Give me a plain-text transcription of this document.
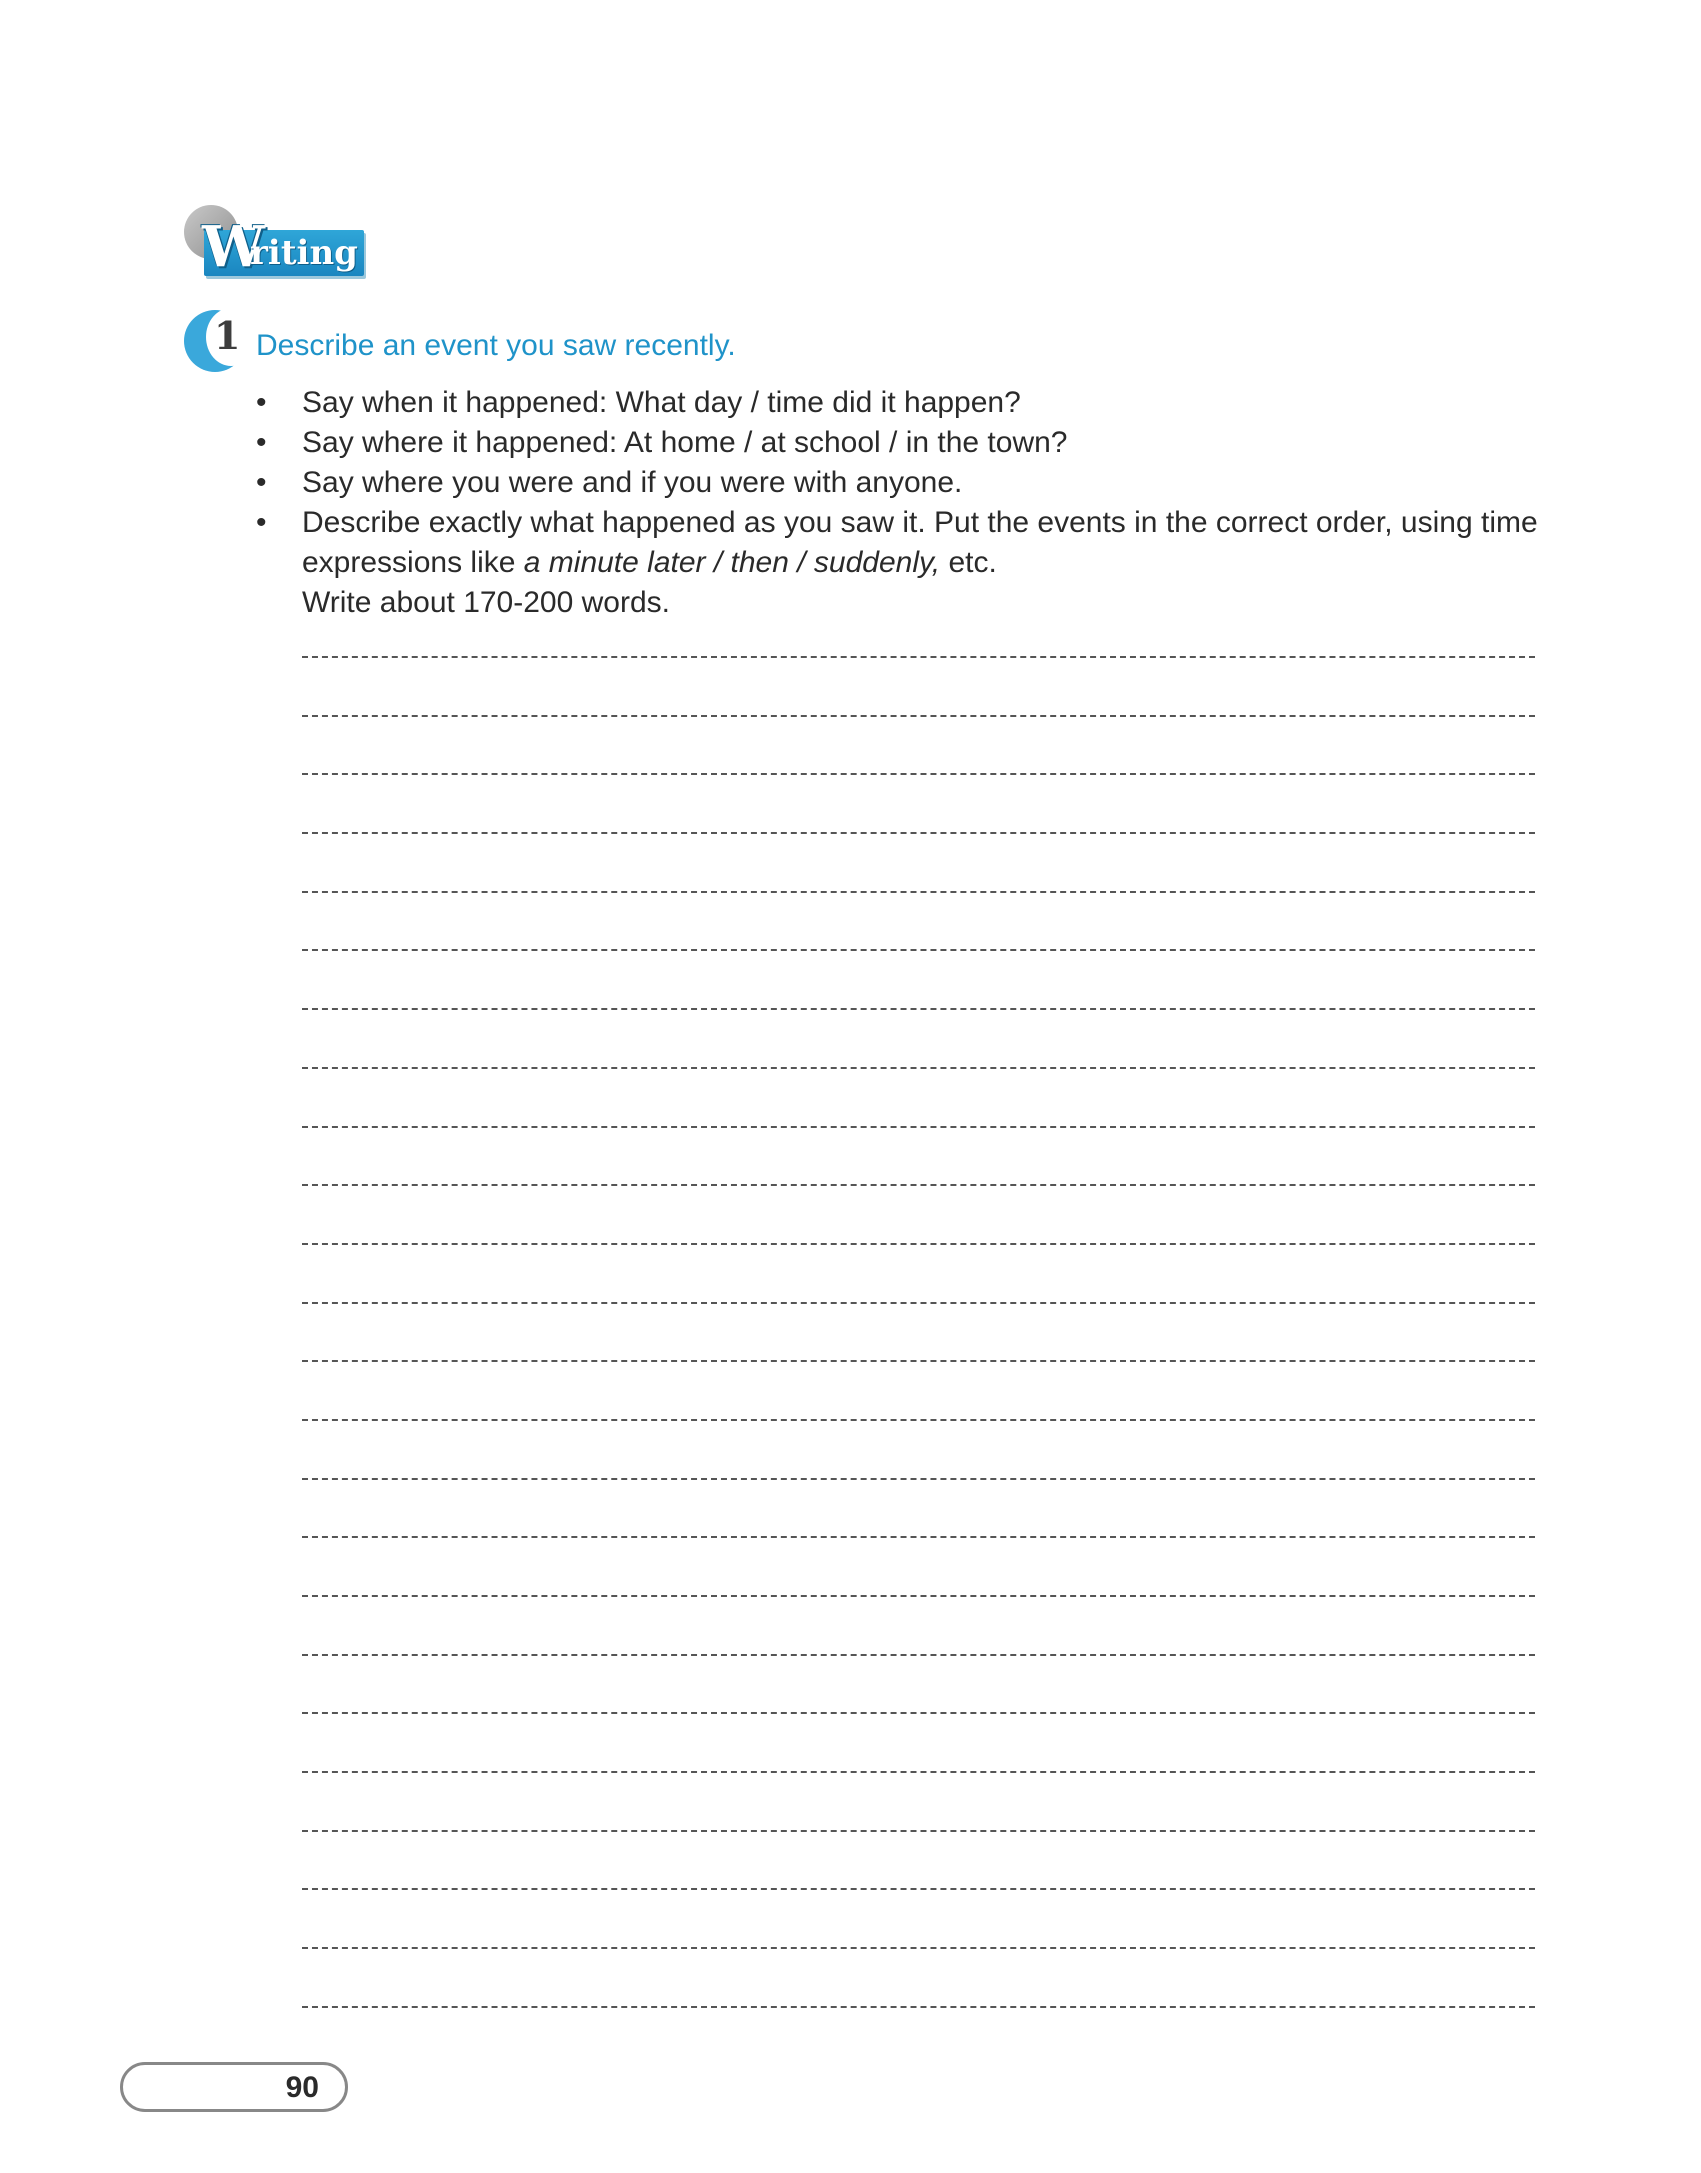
W
riting
1 Describe an event you saw recently.
• Say when it happened: What day / time did it happen?
• Say where it happened: At home / at school / in the town?
• Say where you were and if you were with anyone.
• Describe exactly what happened as you saw it. Put the events in the correct order, using time expressions like a minute later / then / suddenly, etc.
Write about 170-200 words.
90
